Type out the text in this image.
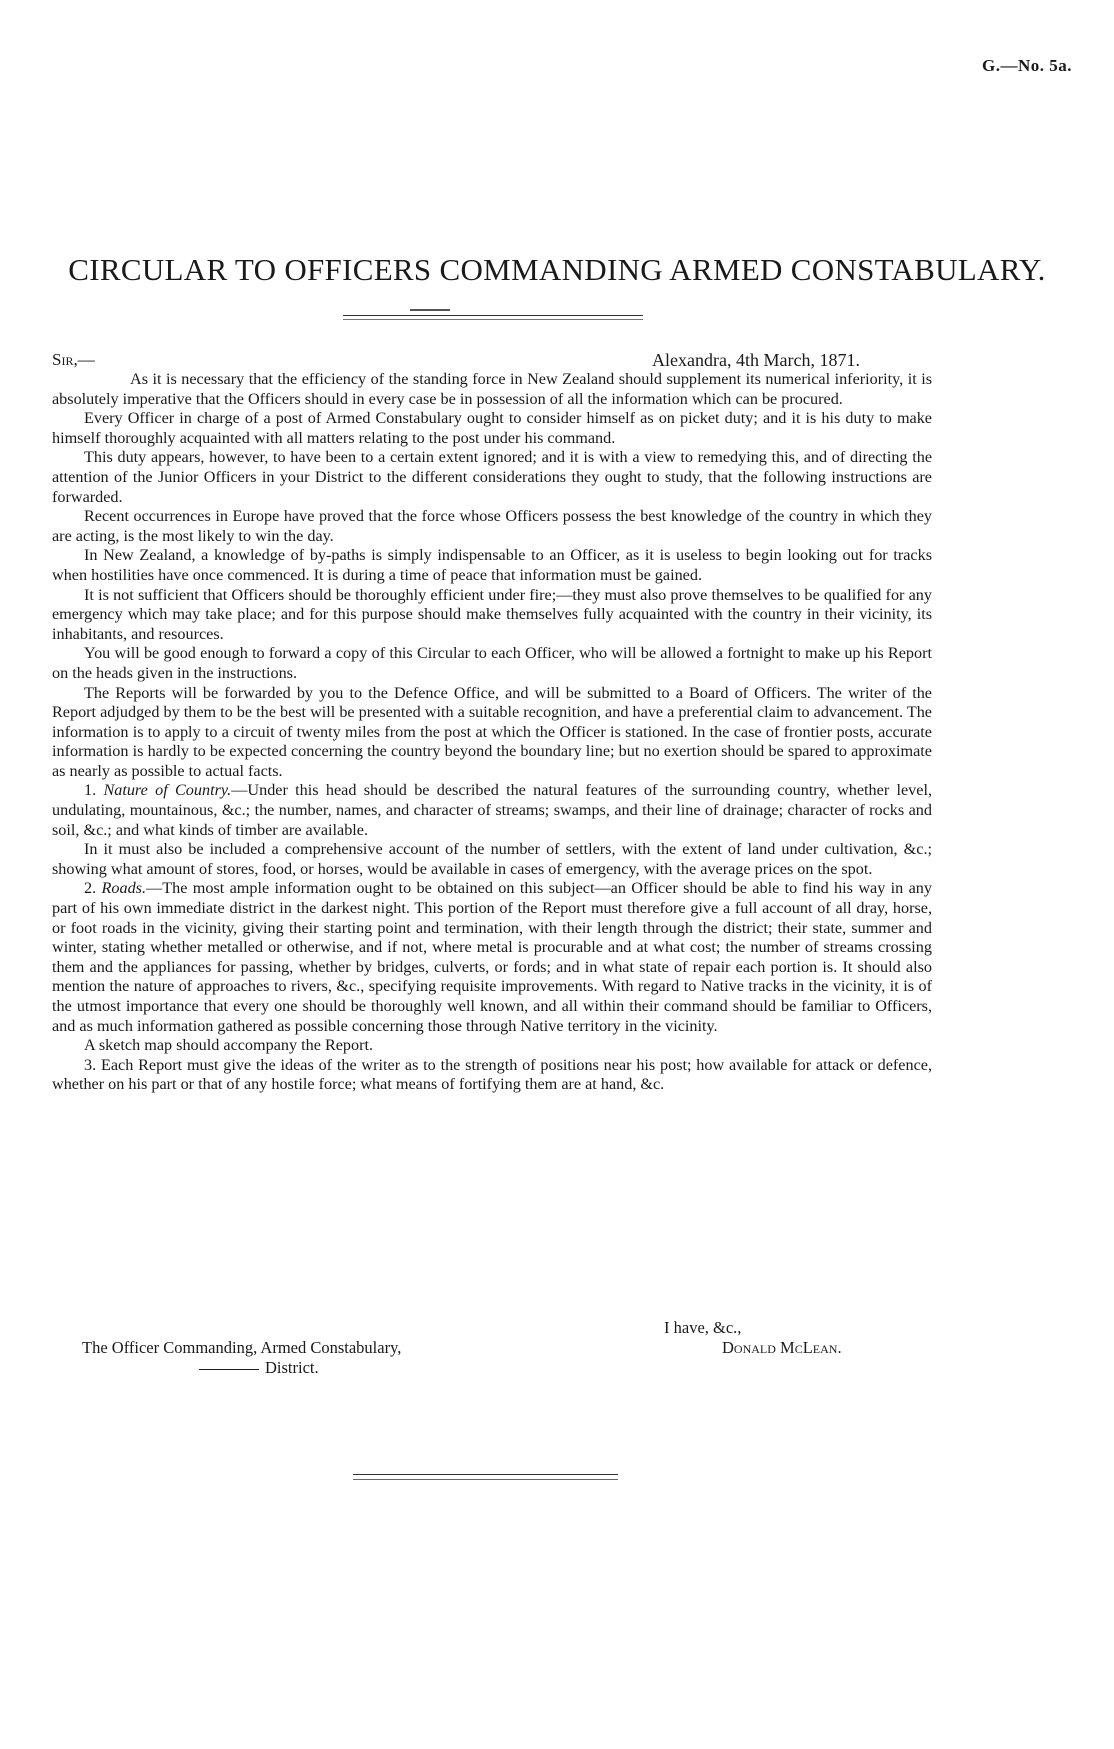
G.—No. 5a.
CIRCULAR TO OFFICERS COMMANDING ARMED CONSTABULARY.
Sir,—	Alexandra, 4th March, 1871.

As it is necessary that the efficiency of the standing force in New Zealand should supplement its numerical inferiority, it is absolutely imperative that the Officers should in every case be in possession of all the information which can be procured.

Every Officer in charge of a post of Armed Constabulary ought to consider himself as on picket duty; and it is his duty to make himself thoroughly acquainted with all matters relating to the post under his command.

This duty appears, however, to have been to a certain extent ignored; and it is with a view to remedying this, and of directing the attention of the Junior Officers in your District to the different considerations they ought to study, that the following instructions are forwarded.

Recent occurrences in Europe have proved that the force whose Officers possess the best knowledge of the country in which they are acting, is the most likely to win the day.

In New Zealand, a knowledge of by-paths is simply indispensable to an Officer, as it is useless to begin looking out for tracks when hostilities have once commenced. It is during a time of peace that information must be gained.

It is not sufficient that Officers should be thoroughly efficient under fire;—they must also prove themselves to be qualified for any emergency which may take place; and for this purpose should make themselves fully acquainted with the country in their vicinity, its inhabitants, and resources.

You will be good enough to forward a copy of this Circular to each Officer, who will be allowed a fortnight to make up his Report on the heads given in the instructions.

The Reports will be forwarded by you to the Defence Office, and will be submitted to a Board of Officers. The writer of the Report adjudged by them to be the best will be presented with a suitable recognition, and have a preferential claim to advancement. The information is to apply to a circuit of twenty miles from the post at which the Officer is stationed. In the case of frontier posts, accurate information is hardly to be expected concerning the country beyond the boundary line; but no exertion should be spared to approximate as nearly as possible to actual facts.

1. Nature of Country.—Under this head should be described the natural features of the surrounding country, whether level, undulating, mountainous, &c.; the number, names, and character of streams; swamps, and their line of drainage; character of rocks and soil, &c.; and what kinds of timber are available.

In it must also be included a comprehensive account of the number of settlers, with the extent of land under cultivation, &c.; showing what amount of stores, food, or horses, would be available in cases of emergency, with the average prices on the spot.

2. Roads.—The most ample information ought to be obtained on this subject—an Officer should be able to find his way in any part of his own immediate district in the darkest night. This portion of the Report must therefore give a full account of all dray, horse, or foot roads in the vicinity, giving their starting point and termination, with their length through the district; their state, summer and winter, stating whether metalled or otherwise, and if not, where metal is procurable and at what cost; the number of streams crossing them and the appliances for passing, whether by bridges, culverts, or fords; and in what state of repair each portion is. It should also mention the nature of approaches to rivers, &c., specifying requisite improvements. With regard to Native tracks in the vicinity, it is of the utmost importance that every one should be thoroughly well known, and all within their command should be familiar to Officers, and as much information gathered as possible concerning those through Native territory in the vicinity.

A sketch map should accompany the Report.

3. Each Report must give the ideas of the writer as to the strength of positions near his post; how available for attack or defence, whether on his part or that of any hostile force; what means of fortifying them are at hand, &c.

I have, &c.,
The Officer Commanding, Armed Constabulary,	Donald McLean.
District.
